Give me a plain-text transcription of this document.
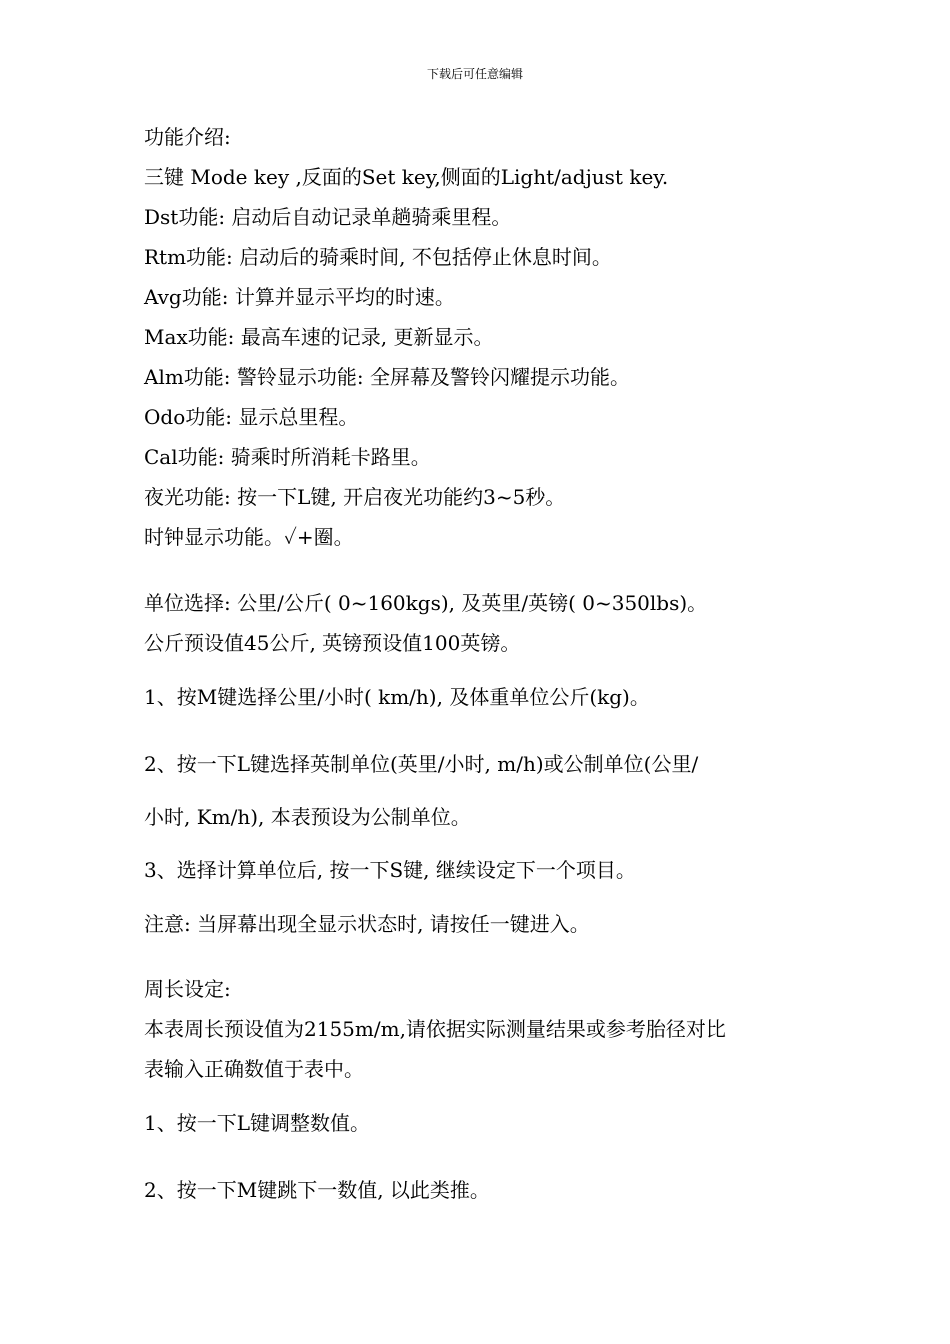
下载后可任意编辑
功能介绍:
三键 Mode key ,反面的Set key,侧面的Light/adjust key.
Dst功能: 启动后自动记录单趟骑乘里程。
Rtm功能: 启动后的骑乘时间, 不包括停止休息时间。
Avg功能: 计算并显示平均的时速。
Max功能: 最高车速的记录, 更新显示。
Alm功能: 警铃显示功能: 全屏幕及警铃闪耀提示功能。
Odo功能: 显示总里程。
Cal功能: 骑乘时所消耗卡路里。
夜光功能: 按一下L键, 开启夜光功能约3~5秒。
时钟显示功能。✓+圈。
单位选择: 公里/公斤( 0~160kgs), 及英里/英镑( 0~350lbs)。
公斤预设值45公斤, 英镑预设值100英镑。
1、按M键选择公里/小时( km/h), 及体重单位公斤(kg)。
2、按一下L键选择英制单位(英里/小时, m/h)或公制单位(公里/
小时, Km/h), 本表预设为公制单位。
3、选择计算单位后, 按一下S键, 继续设定下一个项目。
注意: 当屏幕出现全显示状态时, 请按任一键进入。
周长设定:
本表周长预设值为2155m/m,请依据实际测量结果或参考胎径对比
表输入正确数值于表中。
1、按一下L键调整数值。
2、按一下M键跳下一数值, 以此类推。
